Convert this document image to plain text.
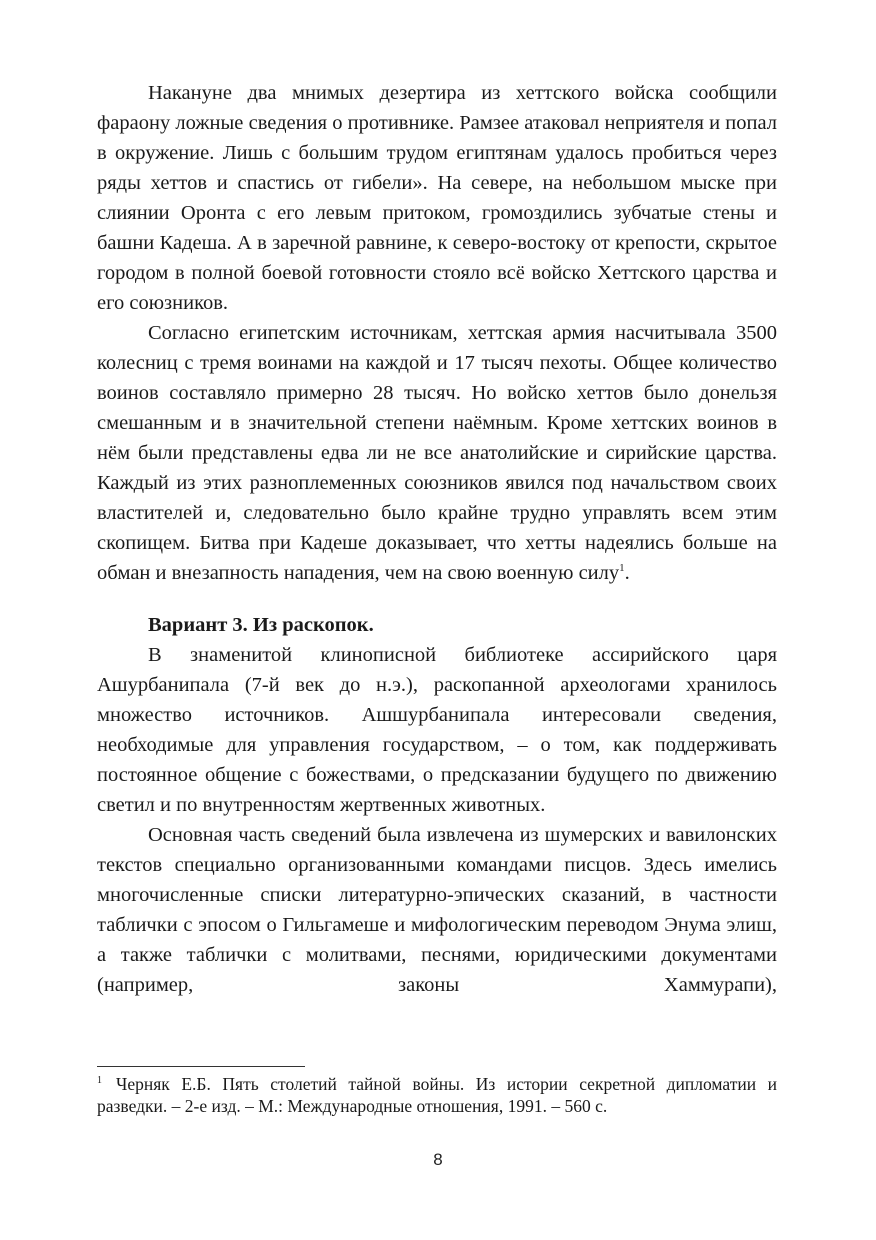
Накануне два мнимых дезертира из хеттского войска сообщили фараону ложные сведения о противнике. Рамзее атаковал неприятеля и попал в окружение. Лишь с большим трудом египтянам удалось пробиться через ряды хеттов и спастись от гибели». На севере, на небольшом мыске при слиянии Оронта с его левым притоком, громоздились зубчатые стены и башни Кадеша. А в заречной равнине, к северо-востоку от крепости, скрытое городом в полной боевой готовности стояло всё войско Хеттского царства и его союзников.

Согласно египетским источникам, хеттская армия насчитывала 3500 колесниц с тремя воинами на каждой и 17 тысяч пехоты. Общее количество воинов составляло примерно 28 тысяч. Но войско хеттов было донельзя смешанным и в значительной степени наёмным. Кроме хеттских воинов в нём были представлены едва ли не все анатолийские и сирийские царства. Каждый из этих разноплеменных союзников явился под начальством своих властителей и, следовательно было крайне трудно управлять всем этим скопищем. Битва при Кадеше доказывает, что хетты надеялись больше на обман и внезапность нападения, чем на свою военную силу$^1$.

Вариант 3. Из раскопок.

В знаменитой клинописной библиотеке ассирийского царя Ашурбанипала (7-й век до н.э.), раскопанной археологами хранилось множество источников. Ашшурбанипала интересовали сведения, необходимые для управления государством, – о том, как поддерживать постоянное общение с божествами, о предсказании будущего по движению светил и по внутренностям жертвенных животных.

Основная часть сведений была извлечена из шумерских и вавилонских текстов специально организованными командами писцов. Здесь имелись многочисленные списки литературно-эпических сказаний, в частности таблички с эпосом о Гильгамеше и мифологическим переводом Энума элиш, а также таблички с молитвами, песнями, юридическими документами (например, законы Хаммурапи),

$^1$ Черняк Е.Б. Пять столетий тайной войны. Из истории секретной дипломатии и разведки. – 2-е изд. – М.: Международные отношения, 1991. – 560 с.

8
